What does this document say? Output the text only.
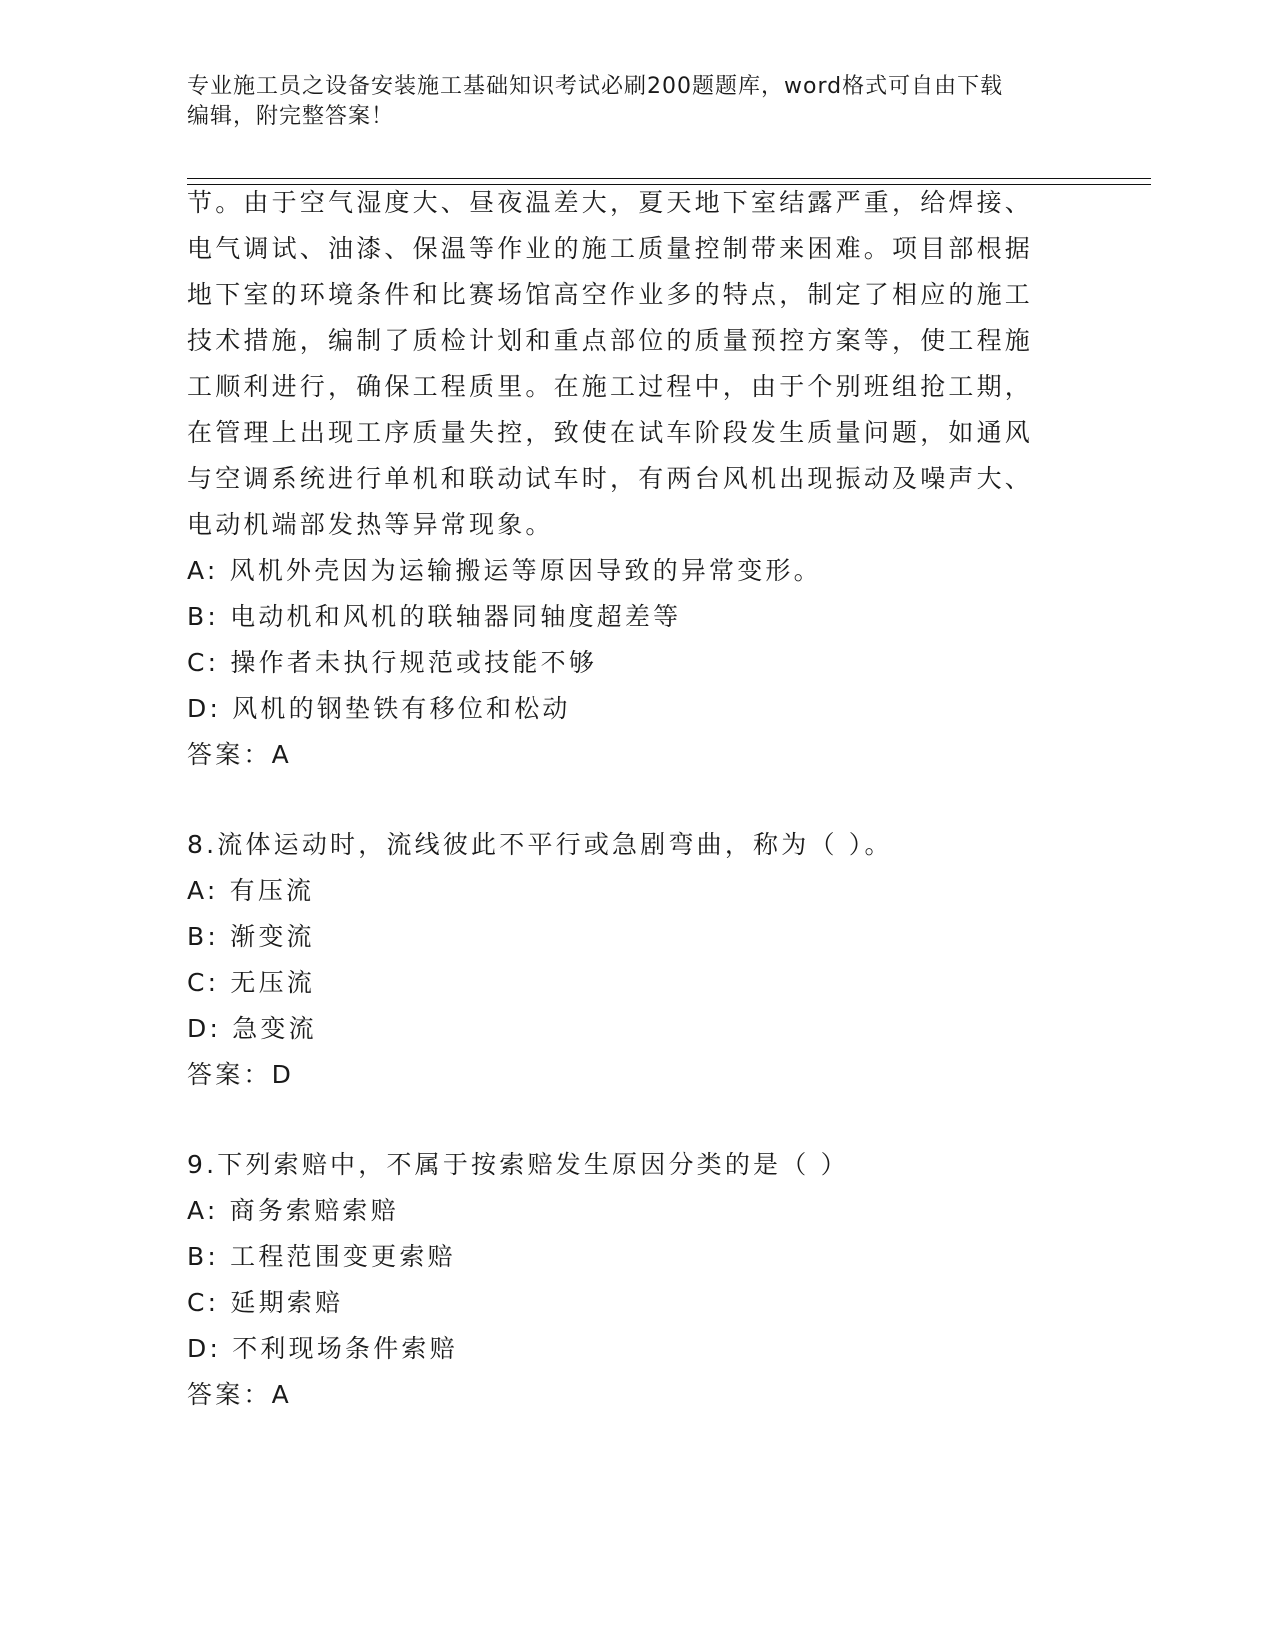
专业施工员之设备安装施工基础知识考试必刷200题题库，word格式可自由下载
编辑，附完整答案！
节。由于空气湿度大、昼夜温差大，夏天地下室结露严重，给焊接、
电气调试、油漆、保温等作业的施工质量控制带来困难。项目部根据
地下室的环境条件和比赛场馆高空作业多的特点，制定了相应的施工
技术措施，编制了质检计划和重点部位的质量预控方案等，使工程施
工顺利进行，确保工程质里。在施工过程中，由于个别班组抢工期，
在管理上出现工序质量失控，致使在试车阶段发生质量问题，如通风
与空调系统进行单机和联动试车时，有两台风机出现振动及噪声大、
电动机端部发热等异常现象。
A: 风机外壳因为运输搬运等原因导致的异常变形。
B: 电动机和风机的联轴器同轴度超差等
C: 操作者未执行规范或技能不够
D: 风机的钢垫铁有移位和松动
答案：A
8.流体运动时，流线彼此不平行或急剧弯曲，称为（ ）。
A: 有压流
B: 渐变流
C: 无压流
D: 急变流
答案：D
9.下列索赔中，不属于按索赔发生原因分类的是（ ）
A: 商务索赔索赔
B: 工程范围变更索赔
C: 延期索赔
D: 不利现场条件索赔
答案：A
